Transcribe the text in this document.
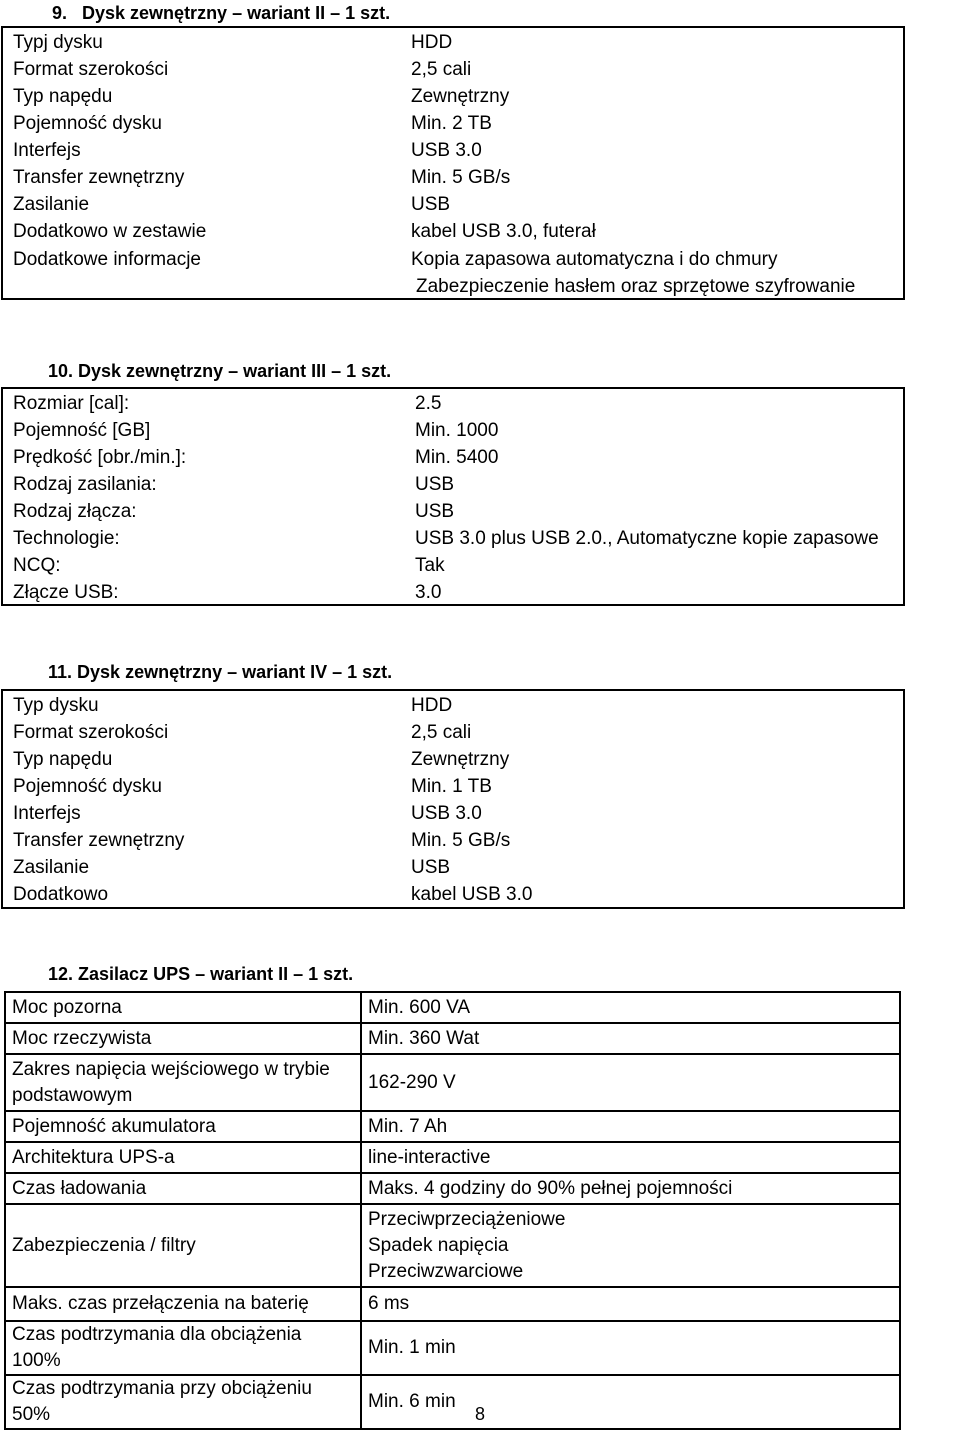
9.   Dysk zewnętrzny – wariant II – 1 szt.
Typj dysku	HDD
Format szerokości	2,5 cali
Typ napędu	Zewnętrzny
Pojemność dysku	Min. 2 TB
Interfejs	USB 3.0
Transfer zewnętrzny	Min. 5 GB/s
Zasilanie	USB
Dodatkowo w zestawie	kabel USB 3.0, futerał
Dodatkowe informacje	Kopia zapasowa automatyczna i do chmury
Zabezpieczenie hasłem oraz sprzętowe szyfrowanie
10. Dysk zewnętrzny – wariant III – 1 szt.
Rozmiar [cal]:	2.5
Pojemność [GB]	Min. 1000
Prędkość [obr./min.]:	Min. 5400
Rodzaj zasilania:	USB
Rodzaj złącza:	USB
Technologie:	USB 3.0 plus USB 2.0., Automatyczne kopie zapasowe
NCQ:	Tak
Złącze USB:	3.0
11. Dysk zewnętrzny – wariant IV – 1 szt.
Typ dysku	HDD
Format szerokości	2,5 cali
Typ napędu	Zewnętrzny
Pojemność dysku	Min. 1 TB
Interfejs	USB 3.0
Transfer zewnętrzny	Min. 5 GB/s
Zasilanie	USB
Dodatkowo	kabel USB 3.0
12. Zasilacz UPS – wariant II – 1 szt.
Moc pozorna	Min. 600 VA
Moc rzeczywista	Min. 360 Wat

Zakres napięcia wejściowego w trybie
podstawowym	162-290 V
Pojemność akumulatora	Min. 7 Ah
Architektura UPS-a	line-interactive
Czas ładowania	Maks. 4 godziny do 90% pełnej pojemności
Zabezpieczenia / filtry	Przeciwprzeciążeniowe
Spadek napięcia
Przeciwzwarciowe

Maks. czas przełączenia na baterię	6 ms
Czas podtrzymania dla obciążenia 100%	Min. 1 min
Czas podtrzymania przy obciążeniu 50%	Min. 6 min
8
